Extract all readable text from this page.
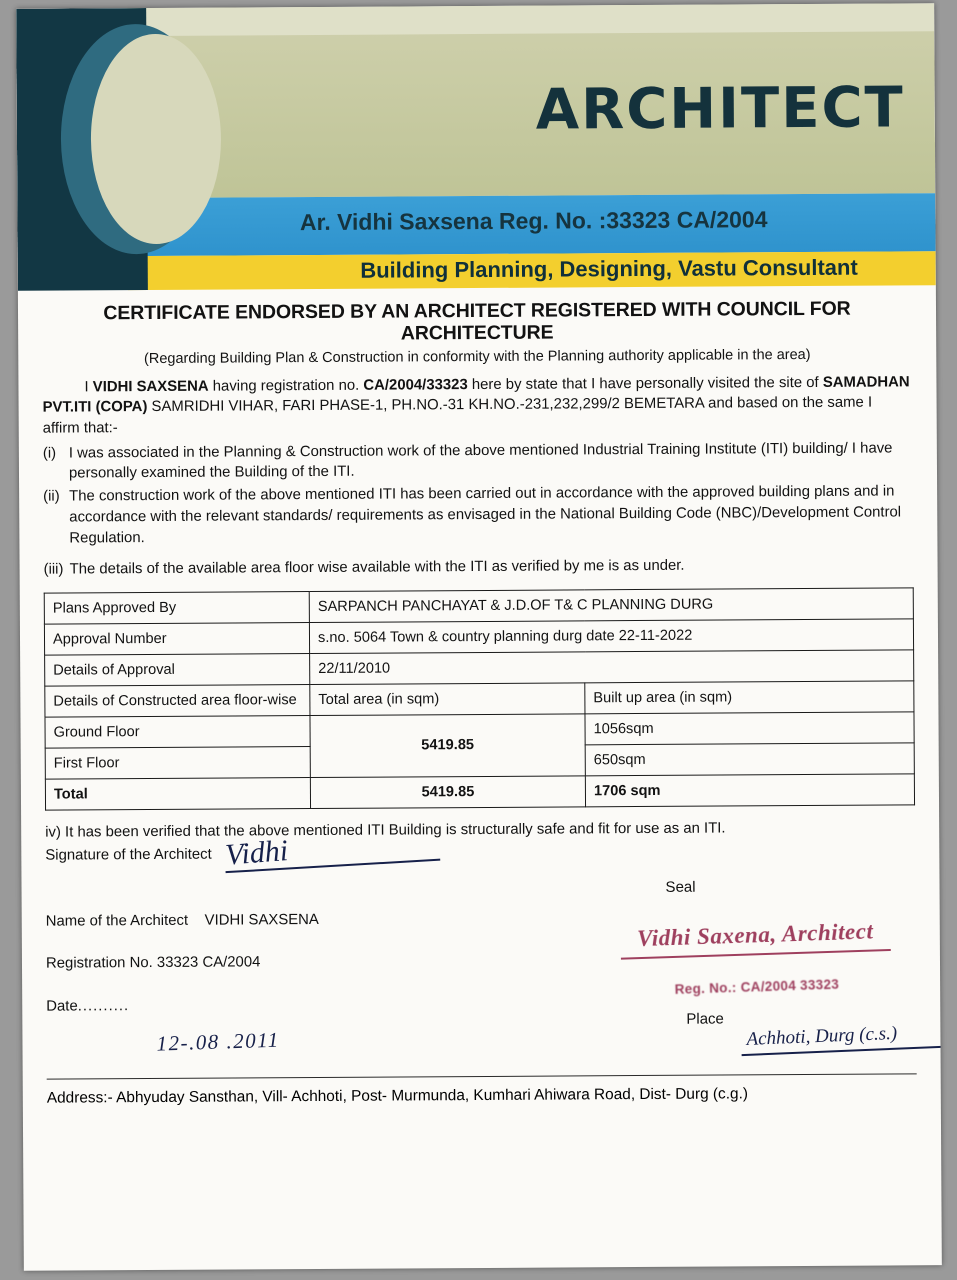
ARCHITECT
Ar. Vidhi Saxsena Reg. No. :33323 CA/2004
Building Planning, Designing, Vastu Consultant
CERTIFICATE ENDORSED BY AN ARCHITECT REGISTERED WITH COUNCIL FOR ARCHITECTURE
(Regarding Building Plan & Construction in conformity with the Planning authority applicable in the area)

I VIDHI SAXSENA having registration no. CA/2004/33323 here by state that I have personally visited the site of SAMADHAN PVT.ITI (COPA) SAMRIDHI VIHAR, FARI PHASE-1, PH.NO.-31 KH.NO.-231,232,299/2 BEMETARA and based on the same I affirm that:-

(i) I was associated in the Planning & Construction work of the above mentioned Industrial Training Institute (ITI) building/ I have personally examined the Building of the ITI.
(ii) The construction work of the above mentioned ITI has been carried out in accordance with the approved building plans and in accordance with the relevant standards/ requirements as envisaged in the National Building Code (NBC)/Development Control Regulation.
(iii) The details of the available area floor wise available with the ITI as verified by me is as under.
Plans Approved By	SARPANCH PANCHAYAT & J.D.OF T& C PLANNING DURG	
Approval Number	s.no. 5064 Town & country planning durg date 22-11-2022	
Details of Approval	22/11/2010	
Details of Constructed area floor-wise	Total area (in sqm)	Built up area (in sqm)
Ground Floor	5419.85	1056sqm
First Floor		650sqm
Total	5419.85	1706 sqm
iv) It has been verified that the above mentioned ITI Building is structurally safe and fit for use as an ITI.
Signature of the Architect Vidhi
Name of the Architect VIDHI SAXSENA
Registration No. 33323 CA/2004
Date..........
12-.08 .2011
Seal
Vidhi Saxena, Architect
Reg. No.: CA/2004 33323
Place
Achhoti, Durg (c.s.)
Address:- Abhyuday Sansthan, Vill- Achhoti, Post- Murmunda, Kumhari Ahiwara Road, Dist- Durg (c.g.)
